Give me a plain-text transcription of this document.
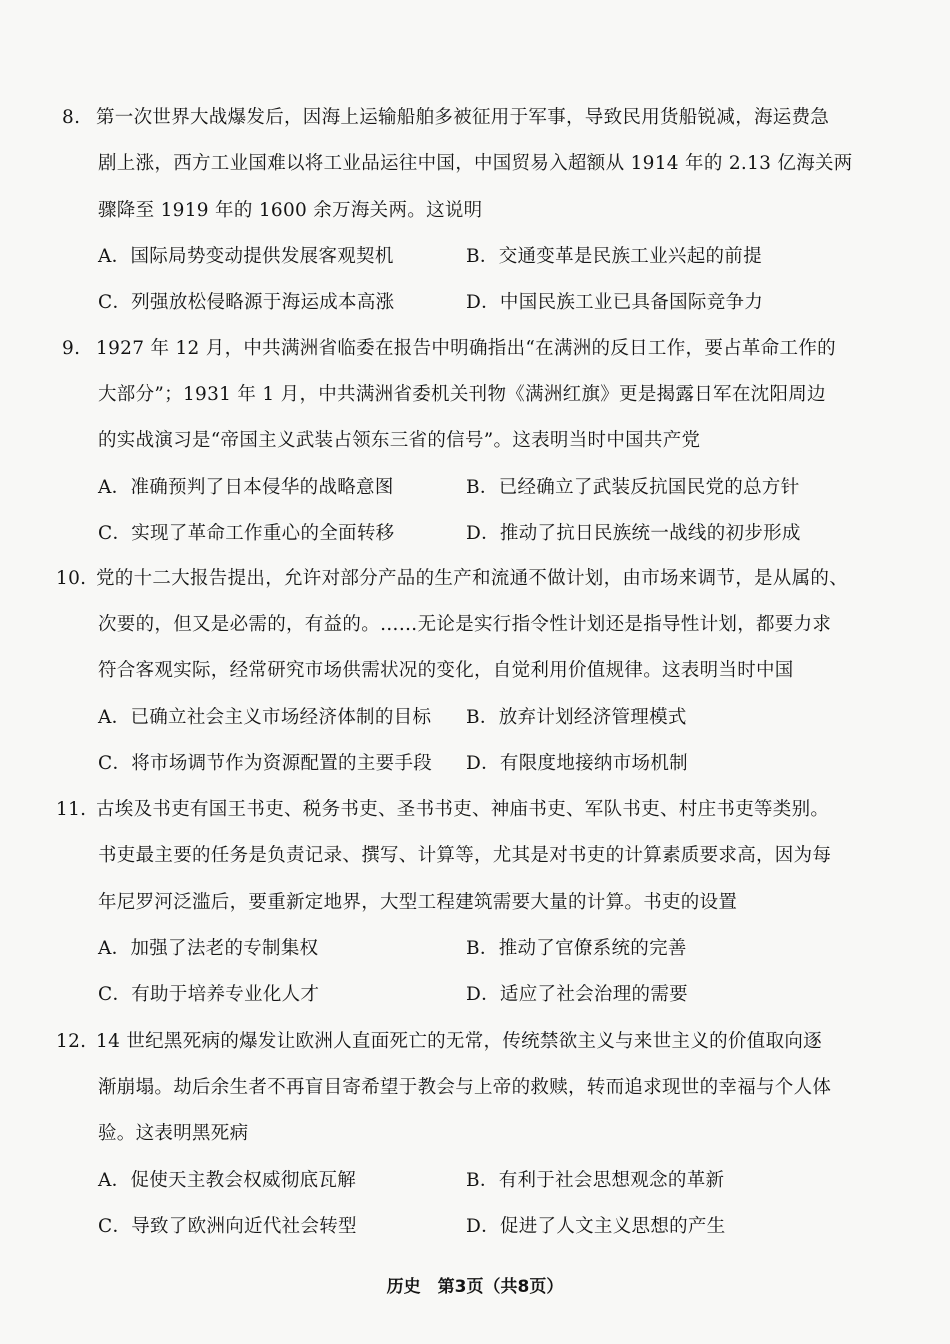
8. 第一次世界大战爆发后，因海上运输船舶多被征用于军事，导致民用货船锐减，海运费急
剧上涨，西方工业国难以将工业品运往中国，中国贸易入超额从 1914 年的 2.13 亿海关两
骤降至 1919 年的 1600 余万海关两。这说明
A．国际局势变动提供发展客观契机	B．交通变革是民族工业兴起的前提
C．列强放松侵略源于海运成本高涨	D．中国民族工业已具备国际竞争力
9. 1927 年 12 月，中共满洲省临委在报告中明确指出“在满洲的反日工作，要占革命工作的
大部分”；1931 年 1 月，中共满洲省委机关刊物《满洲红旗》更是揭露日军在沈阳周边
的实战演习是“帝国主义武装占领东三省的信号”。这表明当时中国共产党
A．准确预判了日本侵华的战略意图	B．已经确立了武装反抗国民党的总方针
C．实现了革命工作重心的全面转移	D．推动了抗日民族统一战线的初步形成
10. 党的十二大报告提出，允许对部分产品的生产和流通不做计划，由市场来调节，是从属的、
次要的，但又是必需的，有益的。……无论是实行指令性计划还是指导性计划，都要力求
符合客观实际，经常研究市场供需状况的变化，自觉利用价值规律。这表明当时中国
A．已确立社会主义市场经济体制的目标 B．放弃计划经济管理模式
C．将市场调节作为资源配置的主要手段 D．有限度地接纳市场机制
11. 古埃及书吏有国王书吏、税务书吏、圣书书吏、神庙书吏、军队书吏、村庄书吏等类别。
书吏最主要的任务是负责记录、撰写、计算等，尤其是对书吏的计算素质要求高，因为每
年尼罗河泛滥后，要重新定地界，大型工程建筑需要大量的计算。书吏的设置
A．加强了法老的专制集权	B．推动了官僚系统的完善
C．有助于培养专业化人才	D．适应了社会治理的需要
12. 14 世纪黑死病的爆发让欧洲人直面死亡的无常，传统禁欲主义与来世主义的价值取向逐
渐崩塌。劫后余生者不再盲目寄希望于教会与上帝的救赎，转而追求现世的幸福与个人体
验。这表明黑死病
A．促使天主教会权威彻底瓦解	B．有利于社会思想观念的革新
C．导致了欧洲向近代社会转型	D．促进了人文主义思想的产生
历史　第3页（共8页）
